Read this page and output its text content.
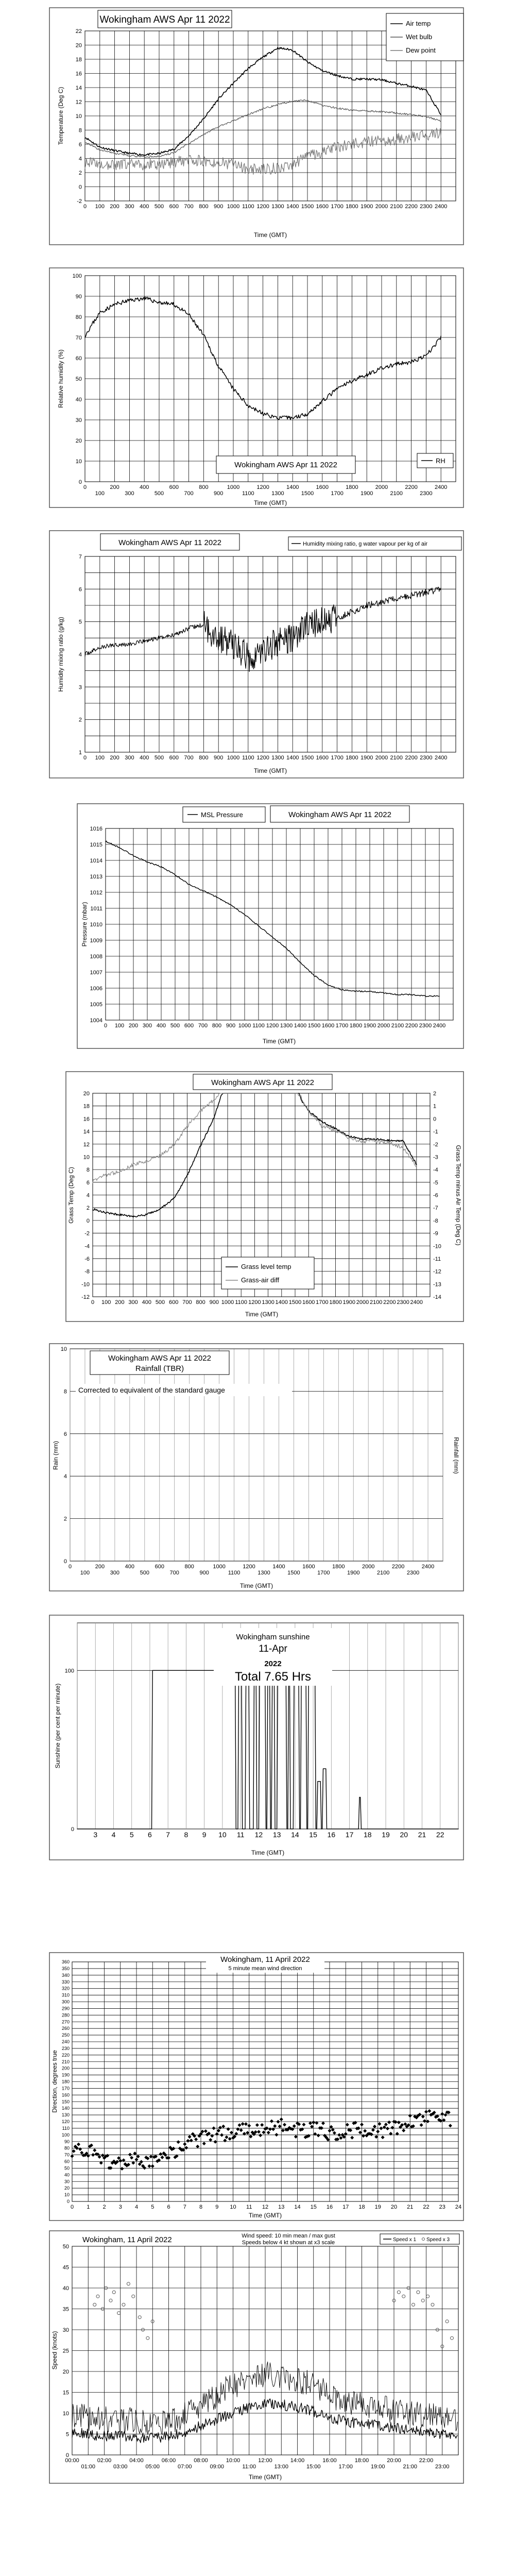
Wokingham AWS Apr 11 2022
-2
0
2
4
6
8
10
12
14
16
18
20
22
0 100 200 300 400 500 600 700 800 900 1000 1100 1200 1300 1400 1500 1600 1700 1800 1900 2000 2100 2200 2300 2400
Time (GMT)
Temperature (Deg C)
Air temp
Wet bulb
Dew point
0
10
20
30
40
50
60
70
80
90
100
0	200	400	600	800	1000	1200	1400	1600	1800	2000	2200	2400
100	300	500	700	900	1100	1300	1500	1700	1900	2100	2300
Wokingham AWS Apr 11 2022	RH
Time (GMT)
Relative humidity (%)
1
2
3
4
5
6
7
0 100 200 300 400 500 600 700 800 900 1000 1100 1200 1300 1400 1500 1600 1700 1800 1900 2000 2100 2200 2300 2400
Wokingham AWS Apr 11 2022	Humidity mixing ratio, g water vapour per kg of air
Time (GMT)
Humidity mixing ratio (g/kg)
1004
1005
1006
1007
1008
1009
1010
1011
1012
1013
1014
1015
1016
0 100 200 300 400 500 600 700 800 900 1000 1100 1200 1300 1400 1500 1600 1700 1800 1900 2000 2100 2200 2300 2400
MSL Pressure	Wokingham AWS Apr 11 2022
Time (GMT)
Pressure (mbar)
-12
-10
-8
-6
-4
-2
0
2
4
6
8
10
12
14
16
18
20
-14
-13
-12
-11
-10
-9
-8
-7
-6
-5
-4
-3
-2
-1
0
1
2
0 100 200 300 400 500 600 700 800 900 1000 1100 1200 1300 1400 1500 1600 1700 1800 1900 2000 2100 2200 2300 2400
Wokingham AWS Apr 11 2022
Grass level temp
Grass-air diff
Time (GMT)
Grass Temp (Deg C)	Grass Temp minus Air Temp (Deg C)
0
2
4
6
8
10
0	200	400	600	800	1000	1200	1400	1600	1800	2000	2200	2400
100	300	500	700	900	1100	1300	1500	1700	1900	2100	2300
Wokingham AWS Apr 11 2022
Rainfall (TBR)
Corrected to equivalent of the standard gauge
Time (GMT)
Rain (mm)	Rainfall (mm)
0
100
3 4 5 6 7 8 9 10 11 12 13 14 15 16 17 18 19 20 21 22
Wokingham sunshine
11-Apr
2022
Total 7.65 Hrs
Time (GMT)
Sunshine (per cent per minute)
0
10
20
30
40
50
60
70
80
90
100
110
120
130
140
150
160
170
180
190
200
210
220
230
240
250
260
270
280
290
300
310
320
330
340
350
360
0 1 2 3 4 5 6 7 8 9 10 11 12 13 14 15 16 17 18 19 20 21 22 23 24
Wokingham, 11 April 2022
5 minute mean wind direction
Time (GMT)
Direction, degrees true
0
5
10
15
20
25
30
35
40
45
50
00:00	02:00	04:00	06:00	08:00	10:00	12:00	14:00	16:00	18:00	20:00	22:00
01:00	03:00	05:00	07:00	09:00	11:00	13:00	15:00	17:00	19:00	21:00	23:00
Wokingham, 11 April 2022	Wind speed: 10 min mean / max gust
Speeds below 4 kt shown at x3 scale	Speed x 1 Speed x 3
Time (GMT)
Speed (knots)
